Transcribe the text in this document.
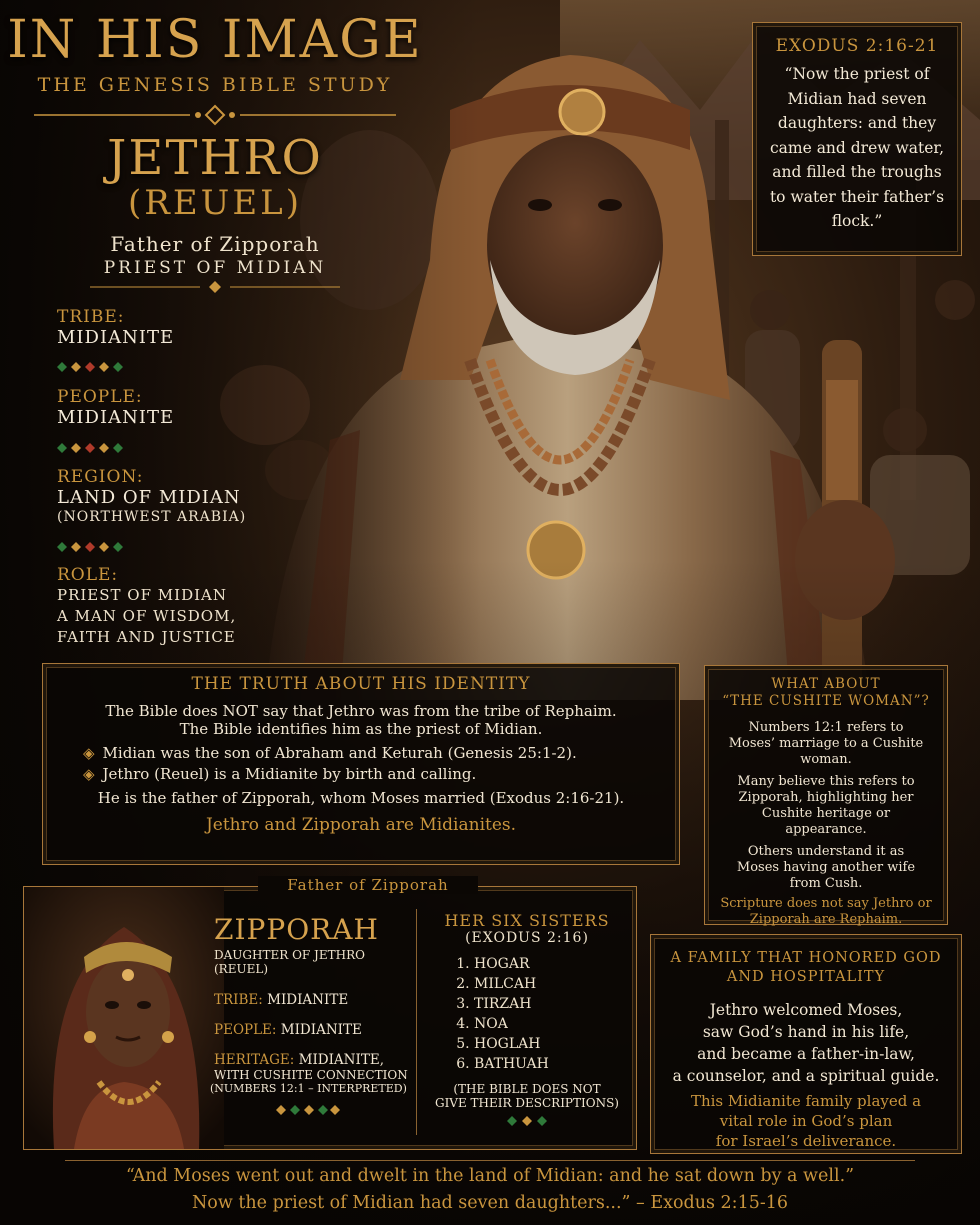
IN HIS IMAGE
THE GENESIS BIBLE STUDY
JETHRO
(REUEL)
Father of Zipporah
PRIEST OF MIDIAN
TRIBE:
MIDIANITE
PEOPLE:
MIDIANITE
REGION:
LAND OF MIDIAN
(NORTHWEST ARABIA)
ROLE:
PRIEST OF MIDIAN
A MAN OF WISDOM,
FAITH AND JUSTICE
EXODUS 2:16-21
“Now the priest of Midian had seven daughters: and they came and drew water, and filled the troughs to water their father’s flock.”
THE TRUTH ABOUT HIS IDENTITY

The Bible does NOT say that Jethro was from the tribe of Rephaim.

The Bible identifies him as the priest of Midian.

◈ Midian was the son of Abraham and Keturah (Genesis 25:1-2).
◈ Jethro (Reuel) is a Midianite by birth and calling.

He is the father of Zipporah, whom Moses married (Exodus 2:16-21).

Jethro and Zipporah are Midianites.

WHAT ABOUT
“THE CUSHITE WOMAN”?

Numbers 12:1 refers to Moses’ marriage to a Cushite woman.

Many believe this refers to Zipporah, highlighting her Cushite heritage or appearance.

Others understand it as Moses having another wife from Cush.

Scripture does not say Jethro or Zipporah are Rephaim.

A FAMILY THAT HONORED GOD
AND HOSPITALITY
Jethro welcomed Moses,
saw God’s hand in his life,
and became a father-in-law,
a counselor, and a spiritual guide.
This Midianite family played a
vital role in God’s plan
for Israel’s deliverance.
ZIPPORAH
DAUGHTER OF JETHRO (REUEL)
TRIBE: MIDIANITE
PEOPLE: MIDIANITE
HERITAGE: MIDIANITE,
WITH CUSHITE CONNECTION
(NUMBERS 12:1 – INTERPRETED)
HER SIX SISTERS
(EXODUS 2:16)
1. HOGAR
2. MILCAH
3. TIRZAH
4. NOA
5. HOGLAH
6. BATHUAH
(THE BIBLE DOES NOT
GIVE THEIR DESCRIPTIONS)
Father of Zipporah
“And Moses went out and dwelt in the land of Midian: and he sat down by a well.”
Now the priest of Midian had seven daughters...” – Exodus 2:15-16
